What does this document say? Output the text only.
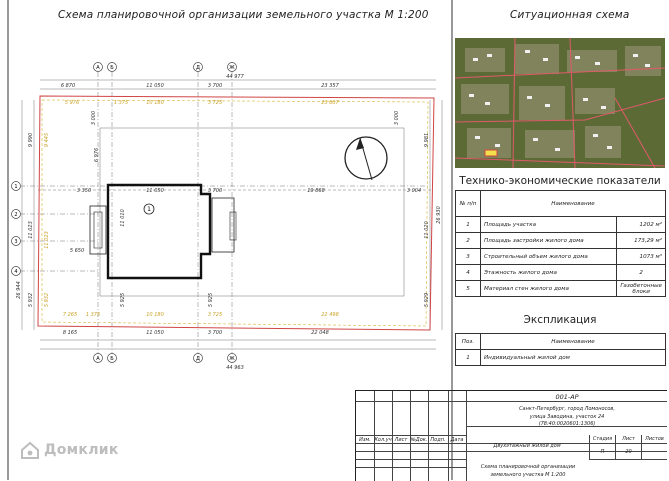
А Б	Д	Ж
А Б	Д	Ж
1
2
3
4
1
44 977
6 870	11 050	3 700	23 357
5 976	1 375	10 180	3 725	23 807
44 963
8 165	11 050	3 700	22 048
7 265 1 375	10 180	3 725	22 498
3 350	11 050	3 700	19 868	3 004
26 944
9 990
11 023
5 932
9 445
11 023
5 932
26 930
9 981
11 020
5 929
3 000
6 976
11 010
5 650
5 925	5 925
3 000
Схема планировочной организации земельного участка М 1:200	Ситуационная схема
Технико-экономические показатели
№ п/п	Наименование	
1	Площадь участка	1202 м²
2	Площадь застройки жилого дома	173,29 м²
3	Строительный объем жилого дома	1073 м³
4	Этажность жилого дома	2
5	Материал стен жилого дома	Газобетонные блоки
Экспликация
Поз.	Наименование
1	Индивидуальный жилой дом
001-АР
Санкт-Петербург, город Ломоносов,
улица Заводина, участок 24
(78:40:0020601:1306)
Изм. Кол.уч Лист №Док. Подп. Дата
Двухэтажный жилой дом
Стадия	Лист	Листов
П	20
Схема планировочной организации
земельного участка М 1:200
Домклик
